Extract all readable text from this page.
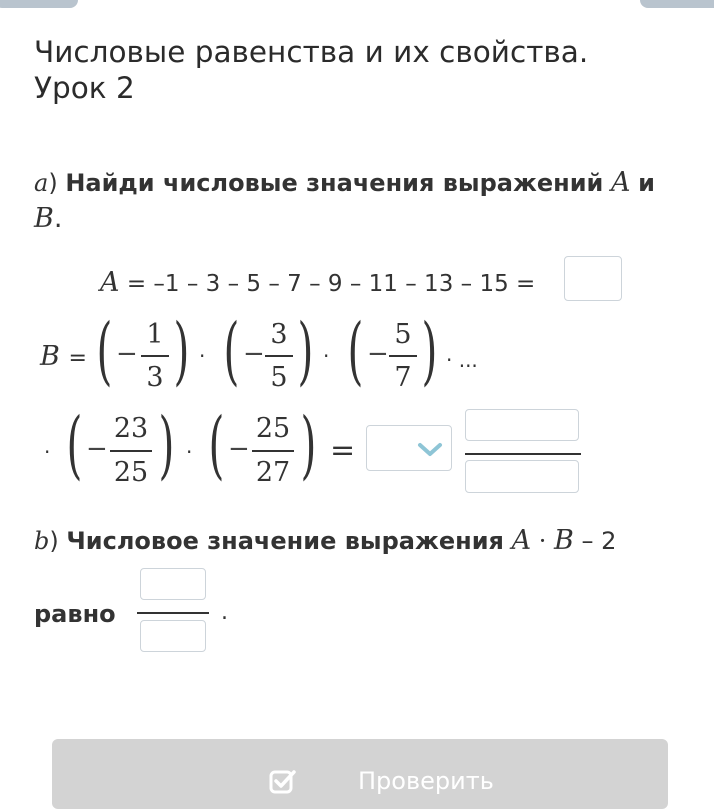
Числовые равенства и их свойства.
Урок 2
a) Найди числовые значения выражений A и
B.
A = –1 – 3 – 5 – 7 – 9 – 11 – 13 – 15 =
B = ( −
1
3 ) · ( −
3
5 ) · ( −
5
7 ) · ...
· ( −
23
25 ) · ( −
25
27 ) =
b) Числовое значение выражения A · B – 2
равно	.
Проверить
